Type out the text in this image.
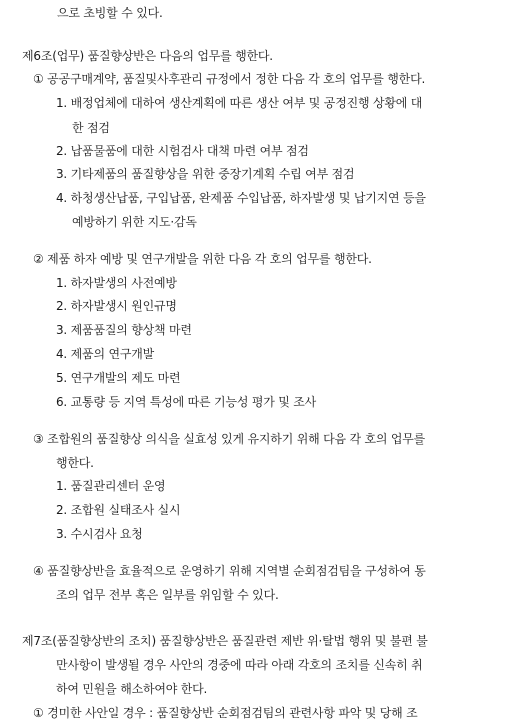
으로 초빙할 수 있다.
제6조(업무) 품질향상반은 다음의 업무를 행한다.
① 공공구매계약, 품질및사후관리 규정에서 정한 다음 각 호의 업무를 행한다.
1. 배정업체에 대하여 생산계획에 따른 생산 여부 및 공정진행 상황에 대
한 점검
2. 납품물품에 대한 시험검사 대책 마련 여부 점검
3. 기타제품의 품질향상을 위한 중장기계획 수립 여부 점검
4. 하청생산납품, 구입납품, 완제품 수입납품, 하자발생 및 납기지연 등을
예방하기 위한 지도·감독
② 제품 하자 예방 및 연구개발을 위한 다음 각 호의 업무를 행한다.
1. 하자발생의 사전예방
2. 하자발생시 원인규명
3. 제품품질의 향상책 마련
4. 제품의 연구개발
5. 연구개발의 제도 마련
6. 교통량 등 지역 특성에 따른 기능성 평가 및 조사
③ 조합원의 품질향상 의식을 실효성 있게 유지하기 위해 다음 각 호의 업무를
행한다.
1. 품질관리센터 운영
2. 조합원 실태조사 실시
3. 수시검사 요청
④ 품질향상반을 효율적으로 운영하기 위해 지역별 순회점검팀을 구성하여 동
조의 업무 전부 혹은 일부를 위임할 수 있다.
제7조(품질향상반의 조치) 품질향상반은 품질관련 제반 위·탈법 행위 및 불편 불
만사항이 발생될 경우 사안의 경중에 따라 아래 각호의 조치를 신속히 취
하여 민원을 해소하여야 한다.
① 경미한 사안일 경우 : 품질향상반 순회점검팀의 관련사항 파악 및 당해 조
